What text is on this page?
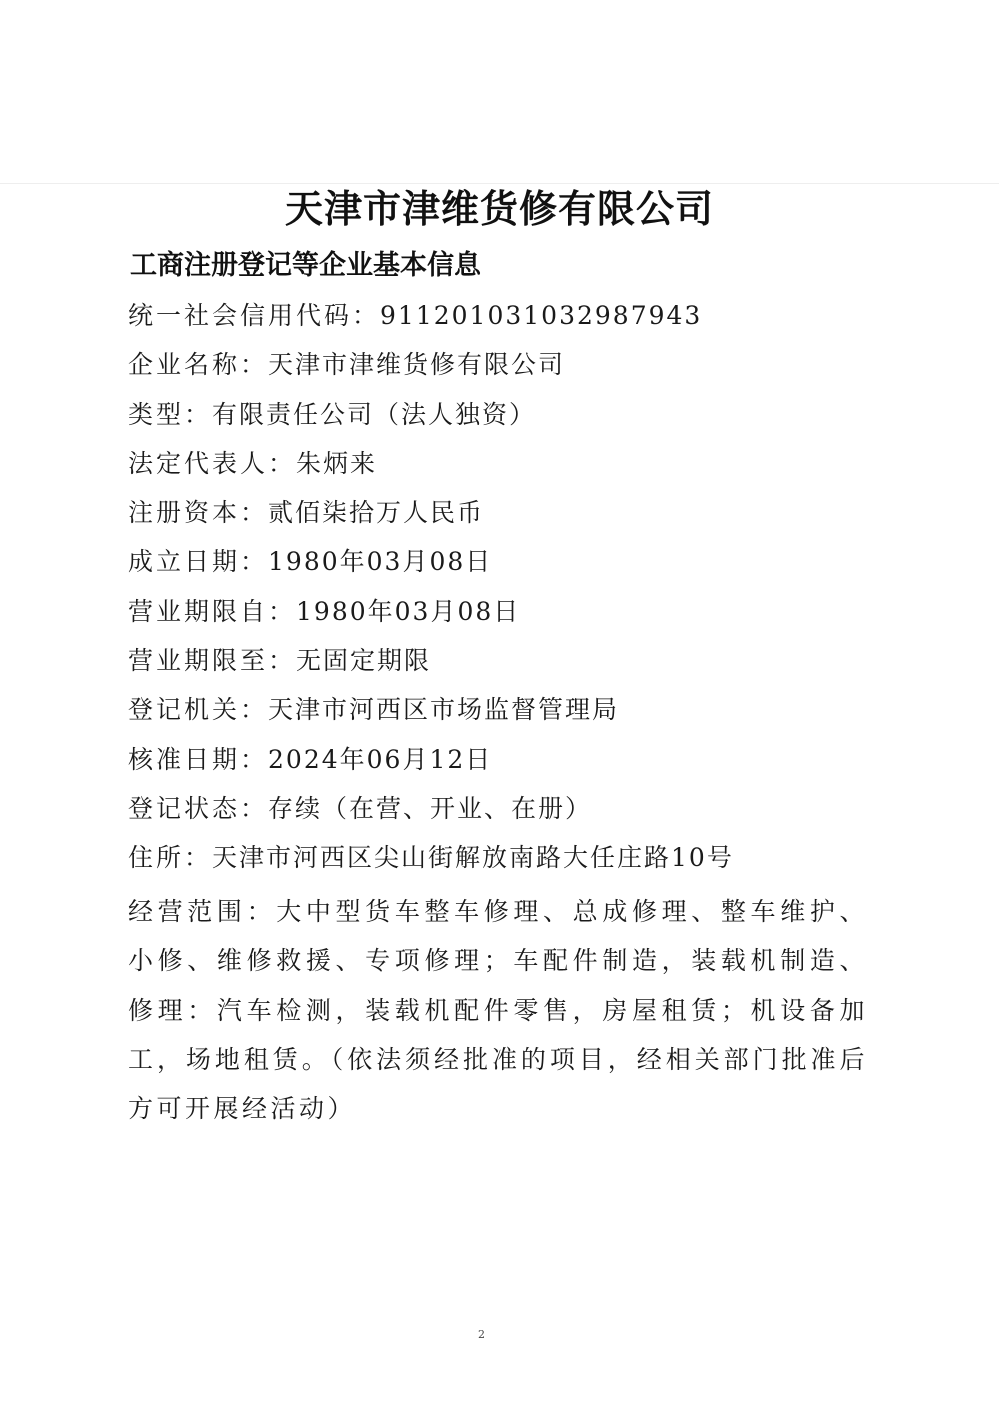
天津市津维货修有限公司
工商注册登记等企业基本信息
统一社会信用代码：911201031032987943
企业名称：天津市津维货修有限公司
类型：有限责任公司（法人独资）
法定代表人：朱炳来
注册资本：贰佰柒拾万人民币
成立日期：1980年03月08日
营业期限自：1980年03月08日
营业期限至：无固定期限
登记机关：天津市河西区市场监督管理局
核准日期：2024年06月12日
登记状态：存续（在营、开业、在册）
住所：天津市河西区尖山街解放南路大任庄路10号

经营范围：大中型货车整车修理、总成修理、整车维护、小修、维修救援、专项修理；车配件制造，装载机制造、修理：汽车检测，装载机配件零售，房屋租赁；机设备加工，场地租赁。（依法须经批准的项目，经相关部门批准后方可开展经活动）

2
